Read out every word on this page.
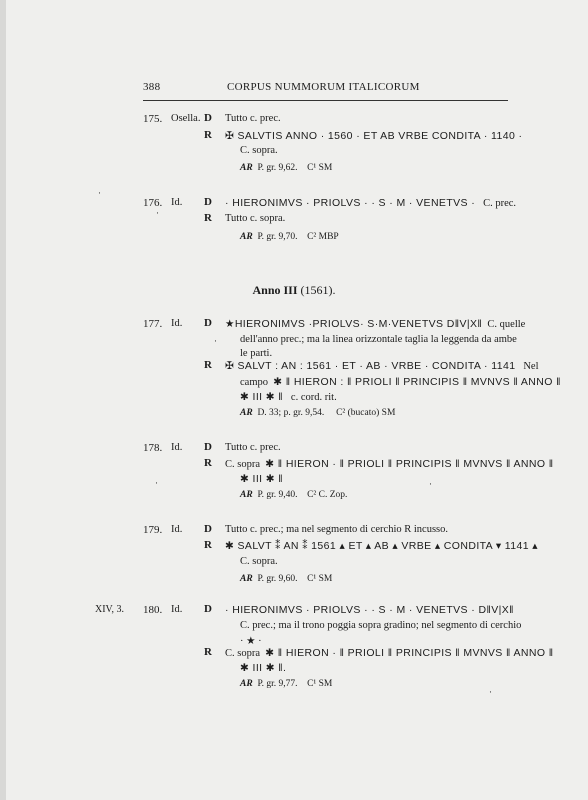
388	CORPUS NUMMORUM ITALICORUM
175. Osella. D Tutto c. prec.
R ✠ SALVTIS ANNO · 1560 · ET AB VRBE CONDITA · 1140 ·
C. sopra.
AR P. gr. 9,62. C¹ SM
176. Id. D · HIERONIMVS · PRIOLVS · · S · M · VENETVS · C. prec.
R Tutto c. sopra.
AR P. gr. 9,70. C² MBP
Anno III (1561).
177. Id. D ★HIERONIMVS ·PRIOLVS· S·M·VENETVS D‖V|X‖ C. quelle
dell'anno prec.; ma la linea orizzontale taglia la leggenda da ambe
le parti.
R ✠ SALVT : AN : 1561 · ET · AB · VRBE · CONDITA · 1141 Nel
campo ✱ ‖ HIERON : ‖ PRIOLI ‖ PRINCIPIS ‖ MVNVS ‖ ANNO ‖
✱ III ✱ ‖ c. cord. rit.
AR D. 33; p. gr. 9,54. C² (bucato) SM
178. Id. D Tutto c. prec.
R C. sopra ✱ ‖ HIERON · ‖ PRIOLI ‖ PRINCIPIS ‖ MVNVS ‖ ANNO ‖
✱ III ✱ ‖
AR P. gr. 9,40. C² C. Zop.
179. Id. D Tutto c. prec.; ma nel segmento di cerchio R incusso.
R ✱ SALVT ⁑ AN ⁑ 1561 ▴ ET ▴ AB ▴ VRBE ▴ CONDITA ▾ 1141 ▴
C. sopra.
AR P. gr. 9,60. C¹ SM
XIV, 3. 180. Id. D · HIERONIMVS · PRIOLVS · · S · M · VENETVS · D‖V|X‖
C. prec.; ma il trono poggia sopra gradino; nel segmento di cerchio
· ★ ·
R C. sopra ✱ ‖ HIERON · ‖ PRIOLI ‖ PRINCIPIS ‖ MVNVS ‖ ANNO ‖
✱ III ✱ ‖.
AR P. gr. 9,77. C¹ SM
·
·
·
·	·
·
